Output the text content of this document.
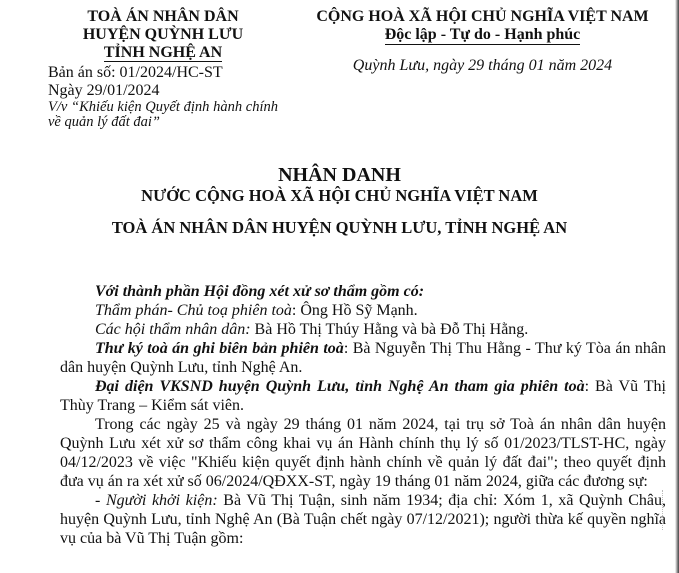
TOÀ ÁN NHÂN DÂN
HUYỆN QUỲNH LƯU
TỈNH NGHỆ AN
Bản án số: 01/2024/HC-ST
Ngày 29/01/2024
V/v “Khiếu kiện Quyết định hành chính về quản lý đất đai”
CỘNG HOÀ XÃ HỘI CHỦ NGHĨA VIỆT NAM
Độc lập - Tự do - Hạnh phúc
Quỳnh Lưu, ngày 29 tháng 01 năm 2024
NHÂN DANH
NƯỚC CỘNG HOÀ XÃ HỘI CHỦ NGHĨA VIỆT NAM
TOÀ ÁN NHÂN DÂN HUYỆN QUỲNH LƯU, TỈNH NGHỆ AN

Với thành phần Hội đồng xét xử sơ thẩm gồm có:

Thẩm phán- Chủ toạ phiên toà: Ông Hồ Sỹ Mạnh.

Các hội thẩm nhân dân: Bà Hồ Thị Thúy Hằng và bà Đỗ Thị Hằng.

Thư ký toà án ghi biên bản phiên toà: Bà Nguyễn Thị Thu Hằng - Thư ký Tòa án nhân dân huyện Quỳnh Lưu, tỉnh Nghệ An.

Đại diện VKSND huyện Quỳnh Lưu, tỉnh Nghệ An tham gia phiên toà: Bà Vũ Thị Thùy Trang – Kiểm sát viên.

Trong các ngày 25 và ngày 29 tháng 01 năm 2024, tại trụ sở Toà án nhân dân huyện Quỳnh Lưu xét xử sơ thẩm công khai vụ án Hành chính thụ lý số 01/2023/TLST-HC, ngày 04/12/2023 về việc "Khiếu kiện quyết định hành chính về quản lý đất đai"; theo quyết định đưa vụ án ra xét xử số 06/2024/QĐXX-ST, ngày 19 tháng 01 năm 2024, giữa các đương sự:

- Người khởi kiện: Bà Vũ Thị Tuận, sinh năm 1934; địa chỉ: Xóm 1, xã Quỳnh Châu, huyện Quỳnh Lưu, tỉnh Nghệ An (Bà Tuận chết ngày 07/12/2021); người thừa kế quyền nghĩa vụ của bà Vũ Thị Tuận gồm:
